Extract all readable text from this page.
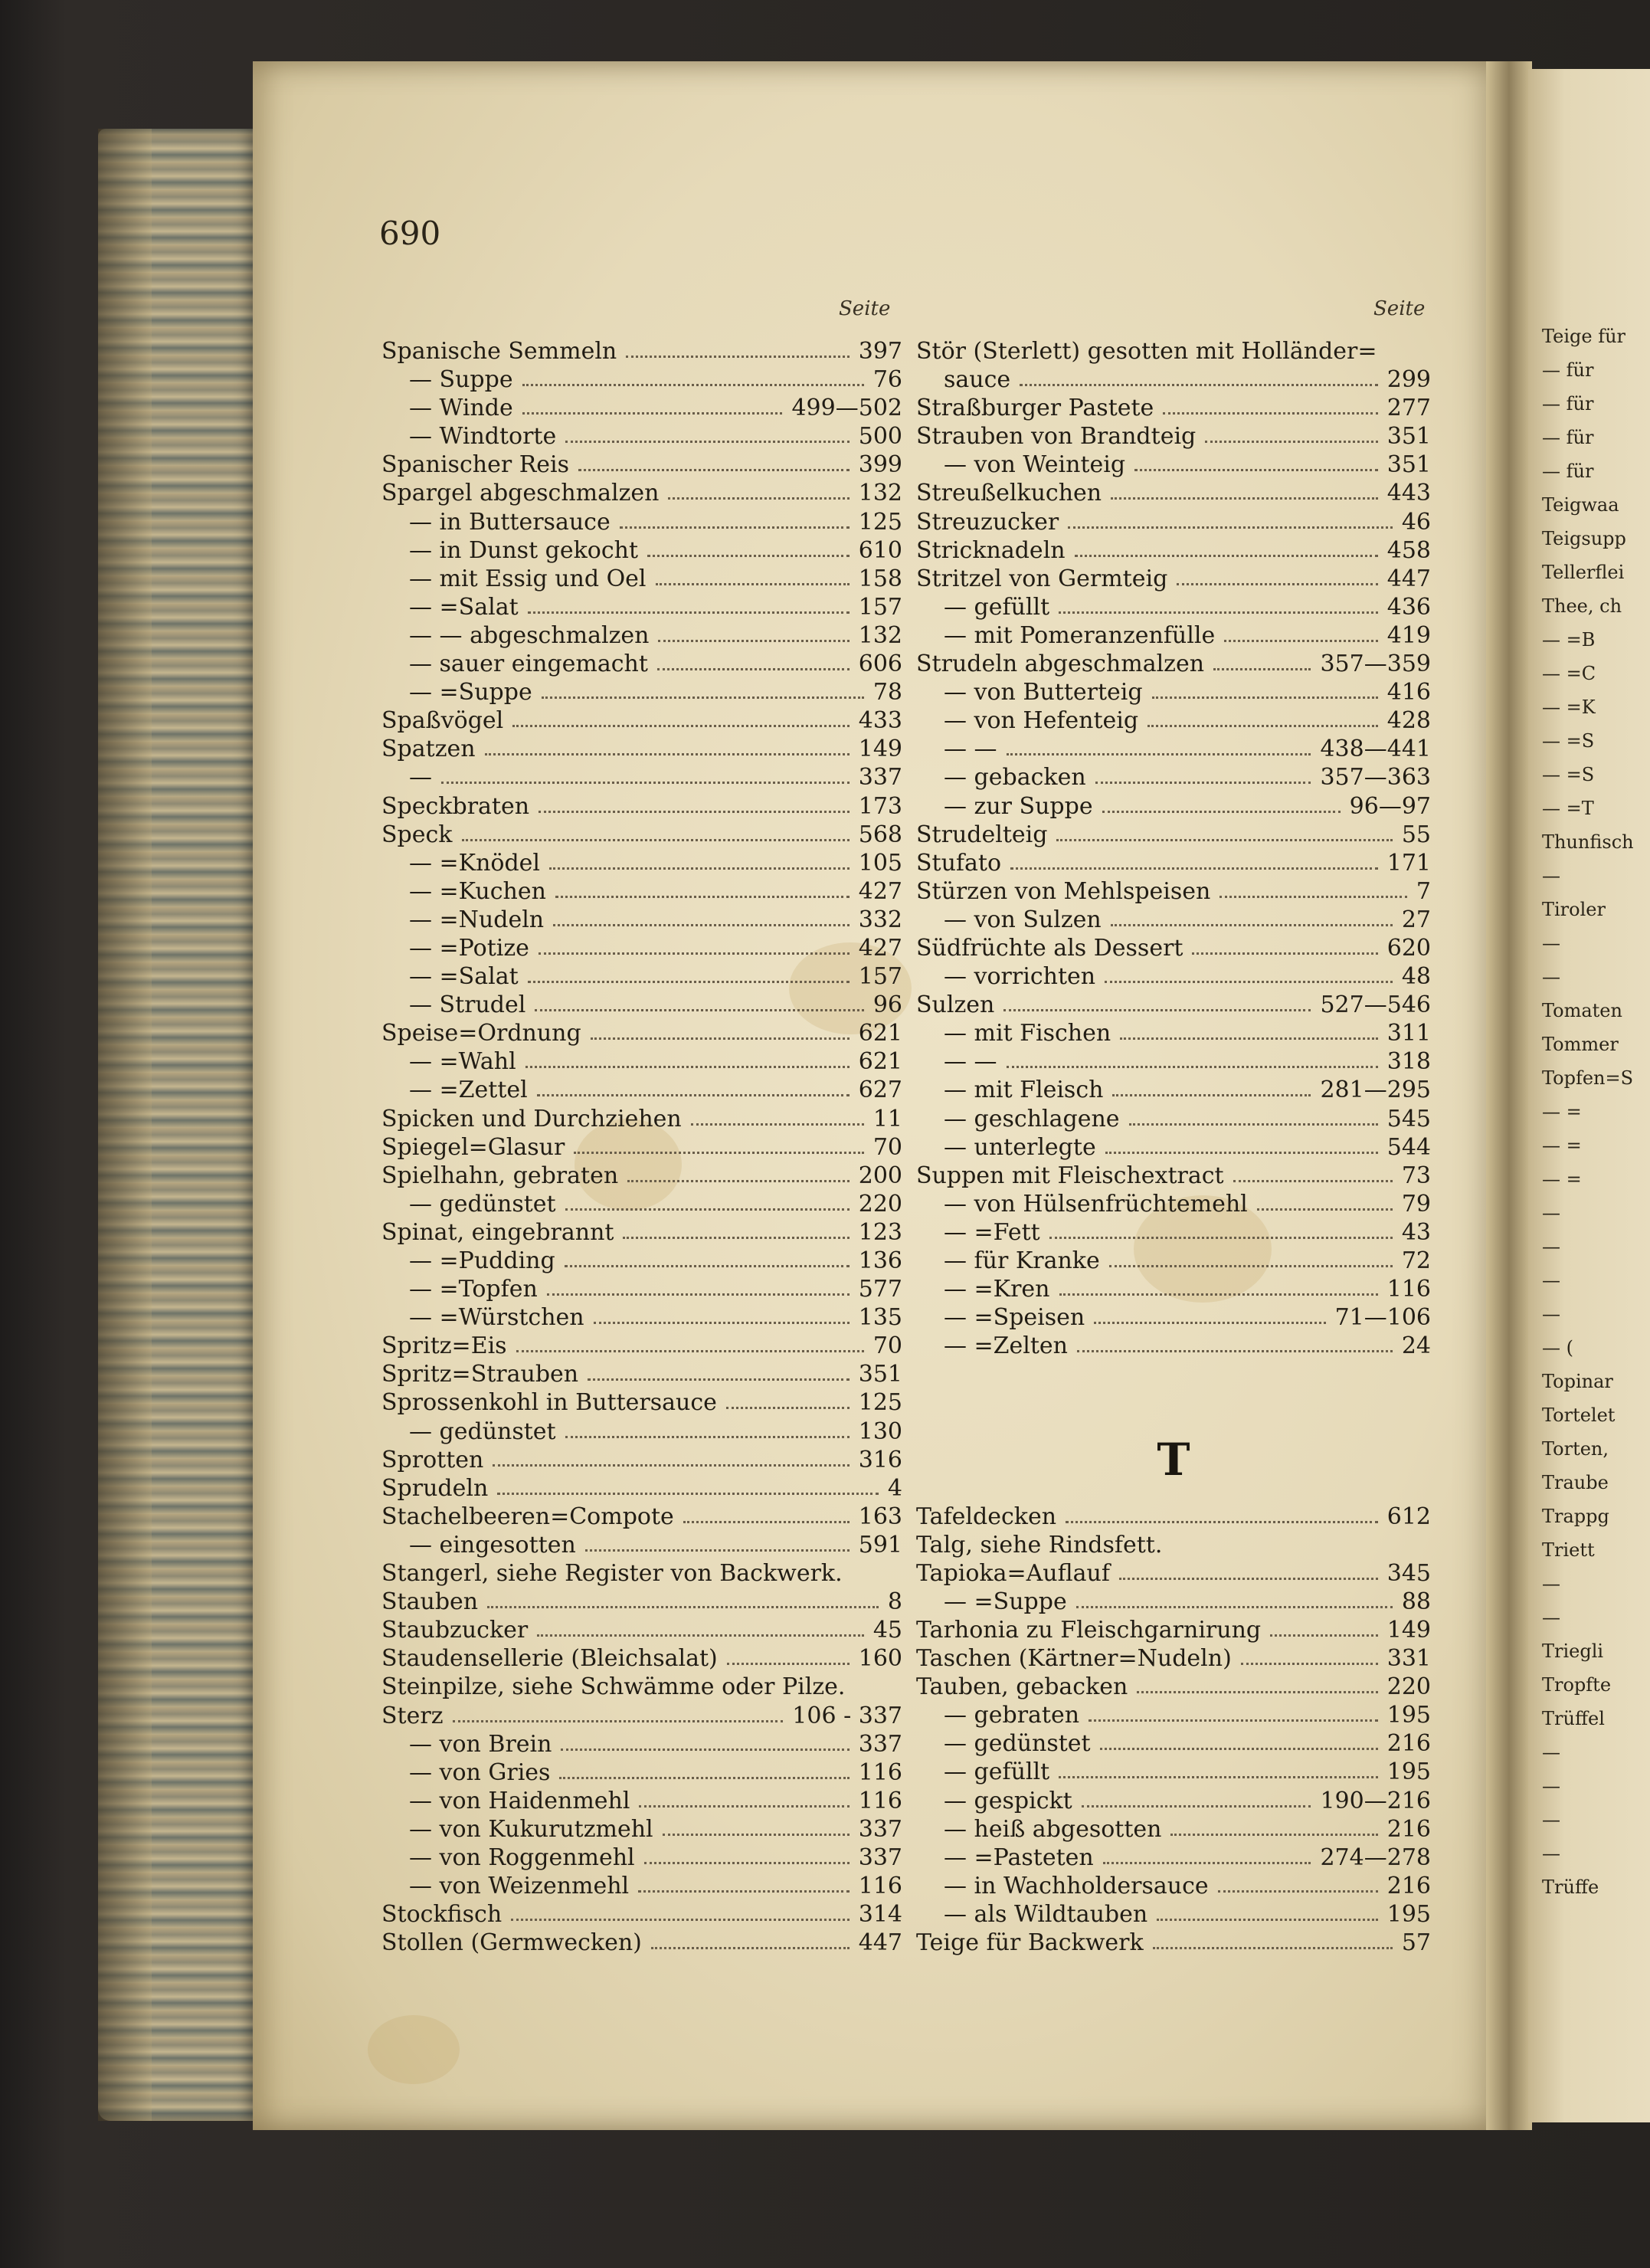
Teige für
— für
— für
— für
— für
Teigwaa
Teigsupp
Tellerflei
Thee, ch
— =B
— =C
— =K
— =S
— =S
— =T
Thunfisch
—
Tiroler
—
—
Tomaten
Tommer
Topfen=S
— =
— =
— =
—
—
—
—
— (
Topinar
Tortelet
Torten,
Traube
Trappg
Triett
—
—
Triegli
Tropfte
Trüffel
—
—
—
—
Trüffe
690
Seite	Seite
Spanische Semmeln	397
— Suppe	76
— Winde	499—502
— Windtorte	500
Spanischer Reis	399
Spargel abgeschmalzen	132
— in Buttersauce	125
— in Dunst gekocht	610
— mit Essig und Oel	158
— =Salat	157
— — abgeschmalzen	132
— sauer eingemacht	606
— =Suppe	78
Spaßvögel	433
Spatzen	149
—	337
Speckbraten	173
Speck	568
— =Knödel	105
— =Kuchen	427
— =Nudeln	332
— =Potize	427
— =Salat	157
— Strudel	96
Speise=Ordnung	621
— =Wahl	621
— =Zettel	627
Spicken und Durchziehen	11
Spiegel=Glasur	70
Spielhahn, gebraten	200
— gedünstet	220
Spinat, eingebrannt	123
— =Pudding	136
— =Topfen	577
— =Würstchen	135
Spritz=Eis	70
Spritz=Strauben	351
Sprossenkohl in Buttersauce	125
— gedünstet	130
Sprotten	316
Sprudeln	4
Stachelbeeren=Compote	163
— eingesotten	591
Stangerl, siehe Register von Backwerk.
Stauben	8
Staubzucker	45
Staudensellerie (Bleichsalat)	160
Steinpilze, siehe Schwämme oder Pilze.
Sterz	106 - 337
— von Brein	337
— von Gries	116
— von Haidenmehl	116
— von Kukurutzmehl	337
— von Roggenmehl	337
— von Weizenmehl	116
Stockfisch	314
Stollen (Germwecken)	447
Stör (Sterlett) gesotten mit Holländer=
sauce	299
Straßburger Pastete	277
Strauben von Brandteig	351
— von Weinteig	351
Streußelkuchen	443
Streuzucker	46
Stricknadeln	458
Stritzel von Germteig	447
— gefüllt	436
— mit Pomeranzenfülle	419
Strudeln abgeschmalzen	357—359
— von Butterteig	416
— von Hefenteig	428
— —	438—441
— gebacken	357—363
— zur Suppe	96—97
Strudelteig	55
Stufato	171
Stürzen von Mehlspeisen	7
— von Sulzen	27
Südfrüchte als Dessert	620
— vorrichten	48
Sulzen	527—546
— mit Fischen	311
— —	318
— mit Fleisch	281—295
— geschlagene	545
— unterlegte	544
Suppen mit Fleischextract	73
— von Hülsenfrüchtemehl	79
— =Fett	43
— für Kranke	72
— =Kren	116
— =Speisen	71—106
— =Zelten	24
T
Tafeldecken	612
Talg, siehe Rindsfett.
Tapioka=Auflauf	345
— =Suppe	88
Tarhonia zu Fleischgarnirung	149
Taschen (Kärtner=Nudeln)	331
Tauben, gebacken	220
— gebraten	195
— gedünstet	216
— gefüllt	195
— gespickt	190—216
— heiß abgesotten	216
— =Pasteten	274—278
— in Wachholdersauce	216
— als Wildtauben	195
Teige für Backwerk	57
